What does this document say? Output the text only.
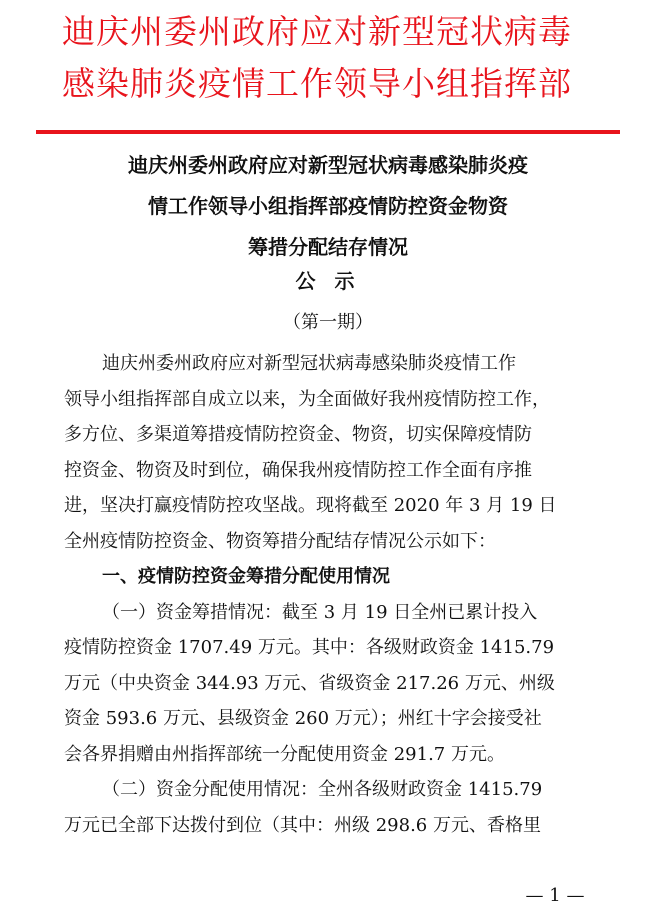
迪庆州委州政府应对新型冠状病毒
感染肺炎疫情工作领导小组指挥部
迪庆州委州政府应对新型冠状病毒感染肺炎疫
情工作领导小组指挥部疫情防控资金物资
筹措分配结存情况
公 示
（第一期）
迪庆州委州政府应对新型冠状病毒感染肺炎疫情工作
领导小组指挥部自成立以来，为全面做好我州疫情防控工作，
多方位、多渠道筹措疫情防控资金、物资，切实保障疫情防
控资金、物资及时到位，确保我州疫情防控工作全面有序推
进，坚决打赢疫情防控攻坚战。现将截至 2020 年 3 月 19 日
全州疫情防控资金、物资筹措分配结存情况公示如下：
一、疫情防控资金筹措分配使用情况
（一）资金筹措情况：截至 3 月 19 日全州已累计投入
疫情防控资金 1707.49 万元。其中：各级财政资金 1415.79
万元（中央资金 344.93 万元、省级资金 217.26 万元、州级
资金 593.6 万元、县级资金 260 万元）；州红十字会接受社
会各界捐赠由州指挥部统一分配使用资金 291.7 万元。
（二）资金分配使用情况：全州各级财政资金 1415.79
万元已全部下达拨付到位（其中：州级 298.6 万元、香格里
— 1 —
